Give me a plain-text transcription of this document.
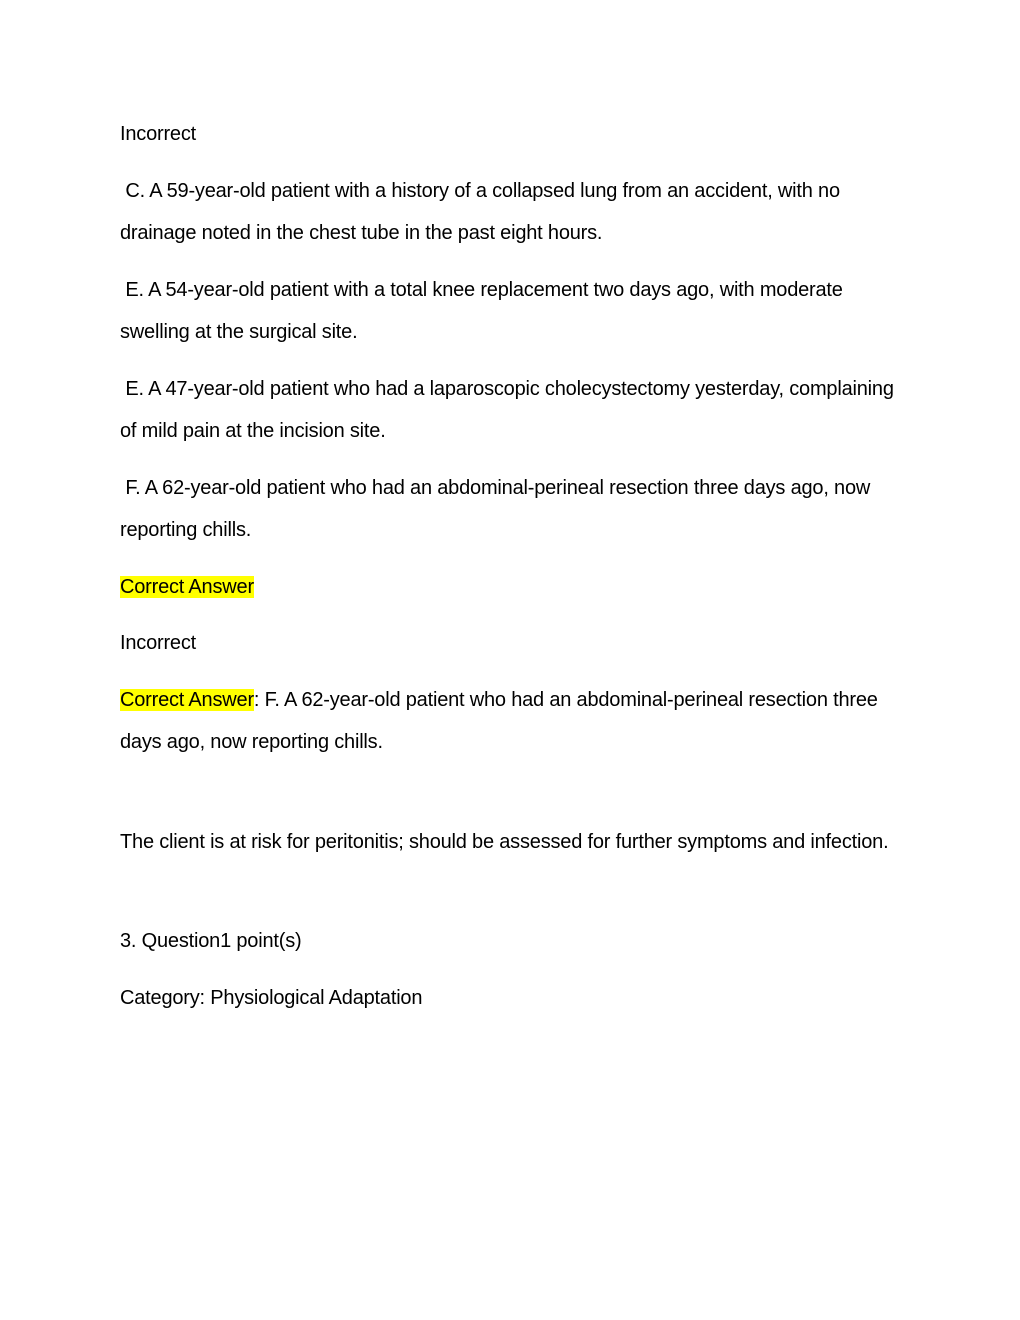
Incorrect

C. A 59-year-old patient with a history of a collapsed lung from an accident, with no drainage noted in the chest tube in the past eight hours.

E. A 54-year-old patient with a total knee replacement two days ago, with moderate swelling at the surgical site.

E. A 47-year-old patient who had a laparoscopic cholecystectomy yesterday, complaining of mild pain at the incision site.

F. A 62-year-old patient who had an abdominal-perineal resection three days ago, now reporting chills.

Correct Answer

Incorrect

Correct Answer: F. A 62-year-old patient who had an abdominal-perineal resection three days ago, now reporting chills.

The client is at risk for peritonitis; should be assessed for further symptoms and infection.

3. Question1 point(s)

Category: Physiological Adaptation
